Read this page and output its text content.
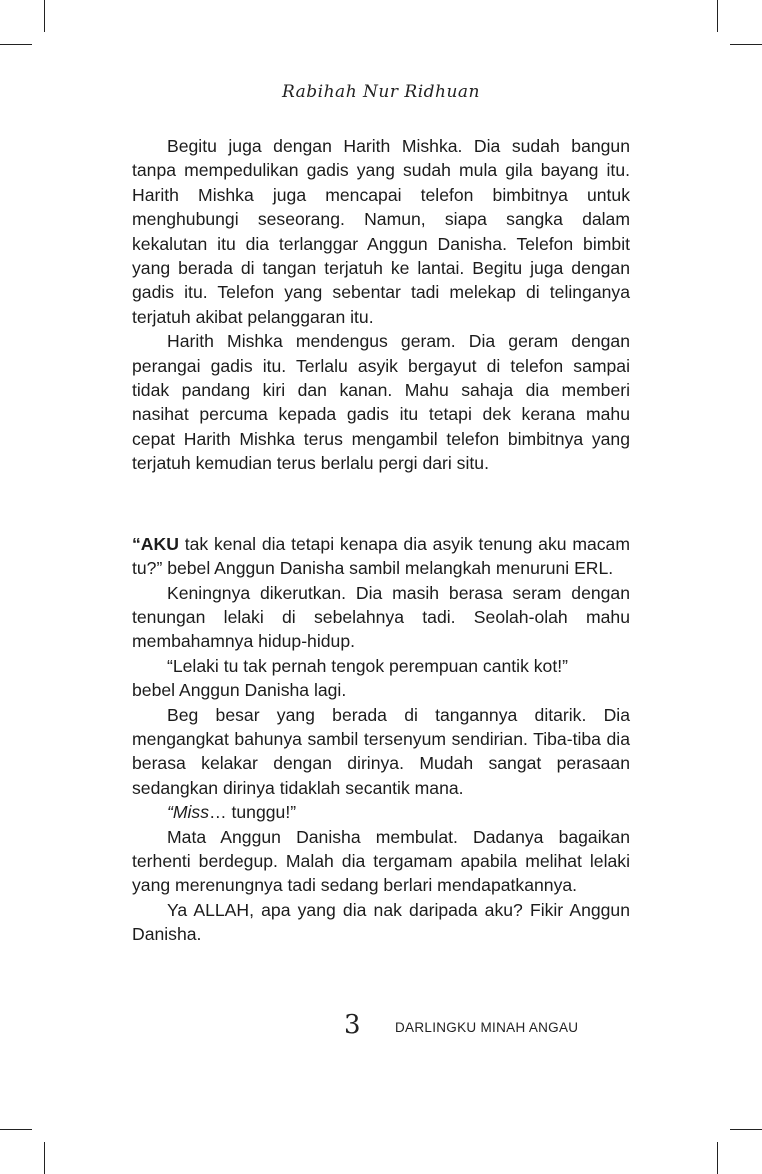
Rabihah Nur Ridhuan

Begitu juga dengan Harith Mishka. Dia sudah bangun tanpa mempedulikan gadis yang sudah mula gila bayang itu. Harith Mishka juga mencapai telefon bimbitnya untuk menghubungi seseorang. Namun, siapa sangka dalam kekalutan itu dia terlanggar Anggun Danisha. Telefon bimbit yang berada di tangan terjatuh ke lantai. Begitu juga dengan gadis itu. Telefon yang sebentar tadi melekap di telinganya terjatuh akibat pelanggaran itu.

Harith Mishka mendengus geram. Dia geram dengan perangai gadis itu. Terlalu asyik bergayut di telefon sampai tidak pandang kiri dan kanan. Mahu sahaja dia memberi nasihat percuma kepada gadis itu tetapi dek kerana mahu cepat Harith Mishka terus mengambil telefon bimbitnya yang terjatuh kemudian terus berlalu pergi dari situ.

“AKU tak kenal dia tetapi kenapa dia asyik tenung aku macam tu?” bebel Anggun Danisha sambil melangkah menuruni ERL.

Keningnya dikerutkan. Dia masih berasa seram dengan tenungan lelaki di sebelahnya tadi. Seolah-olah mahu membahamnya hidup-hidup.

“Lelaki tu tak pernah tengok perempuan cantik kot!”

bebel Anggun Danisha lagi.

Beg besar yang berada di tangannya ditarik. Dia mengangkat bahunya sambil tersenyum sendirian. Tiba-tiba dia berasa kelakar dengan dirinya. Mudah sangat perasaan sedangkan dirinya tidaklah secantik mana.

“Miss… tunggu!”

Mata Anggun Danisha membulat. Dadanya bagaikan terhenti berdegup. Malah dia tergamam apabila melihat lelaki yang merenungnya tadi sedang berlari mendapatkannya.

Ya ALLAH, apa yang dia nak daripada aku? Fikir Anggun Danisha.

3	DARLINGKU MINAH ANGAU
